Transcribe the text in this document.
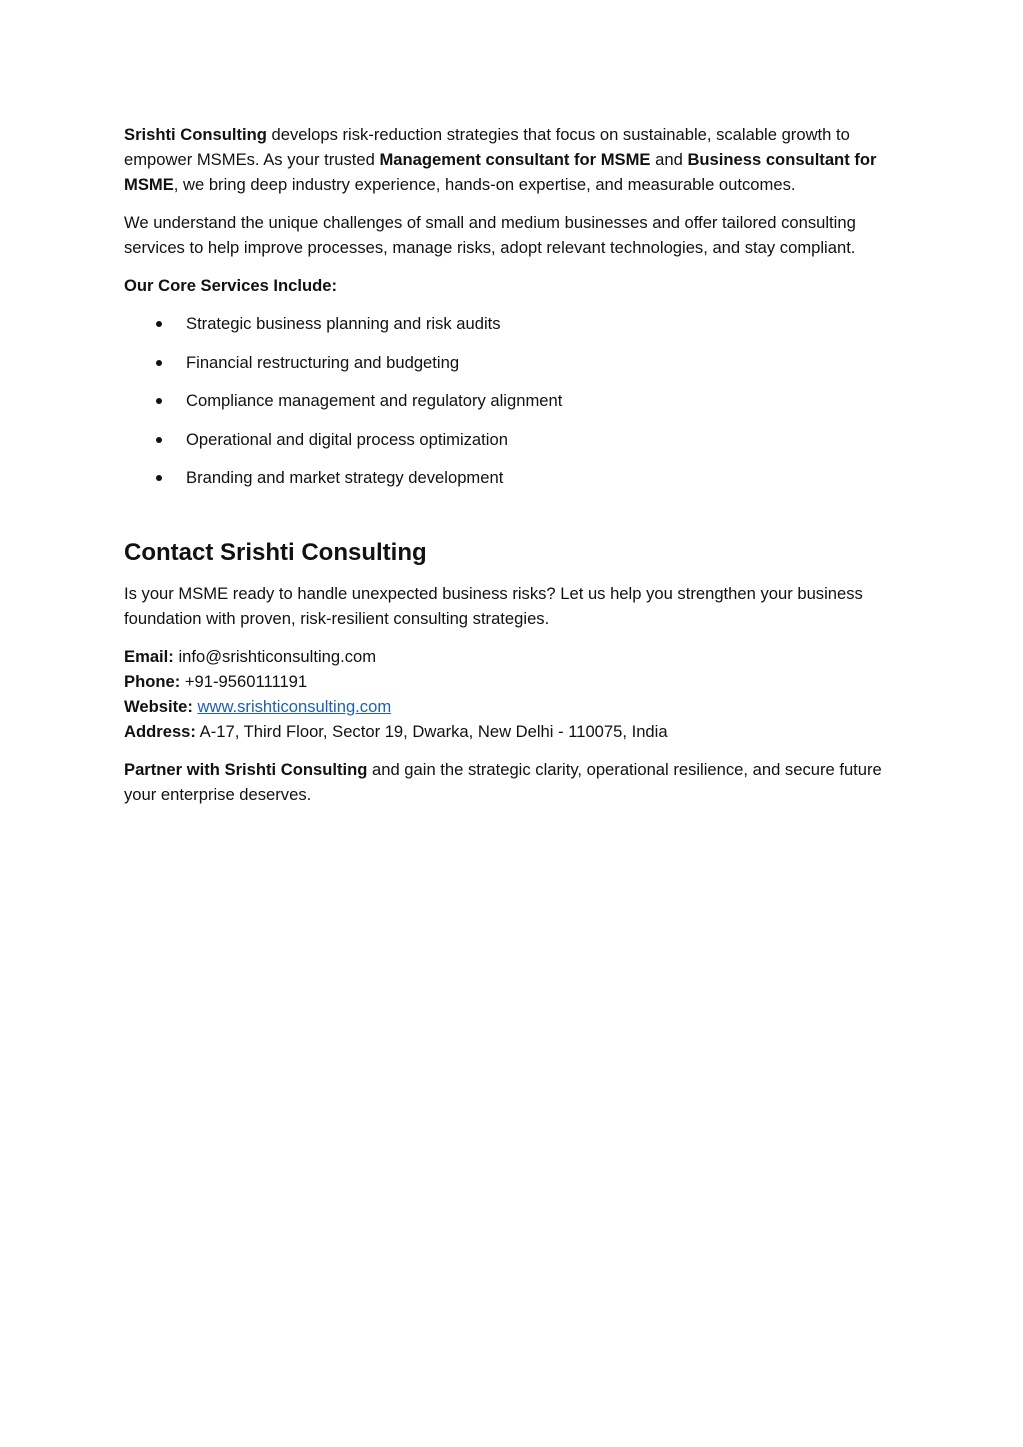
Srishti Consulting develops risk-reduction strategies that focus on sustainable, scalable growth to empower MSMEs. As your trusted Management consultant for MSME and Business consultant for MSME, we bring deep industry experience, hands-on expertise, and measurable outcomes.

We understand the unique challenges of small and medium businesses and offer tailored consulting services to help improve processes, manage risks, adopt relevant technologies, and stay compliant.

Our Core Services Include:
Strategic business planning and risk audits
Financial restructuring and budgeting
Compliance management and regulatory alignment
Operational and digital process optimization
Branding and market strategy development
Contact Srishti Consulting

Is your MSME ready to handle unexpected business risks? Let us help you strengthen your business foundation with proven, risk-resilient consulting strategies.

Email: info@srishticonsulting.com
Phone: +91-9560111191
Website: www.srishticonsulting.com
Address: A-17, Third Floor, Sector 19, Dwarka, New Delhi - 110075, India

Partner with Srishti Consulting and gain the strategic clarity, operational resilience, and secure future your enterprise deserves.
